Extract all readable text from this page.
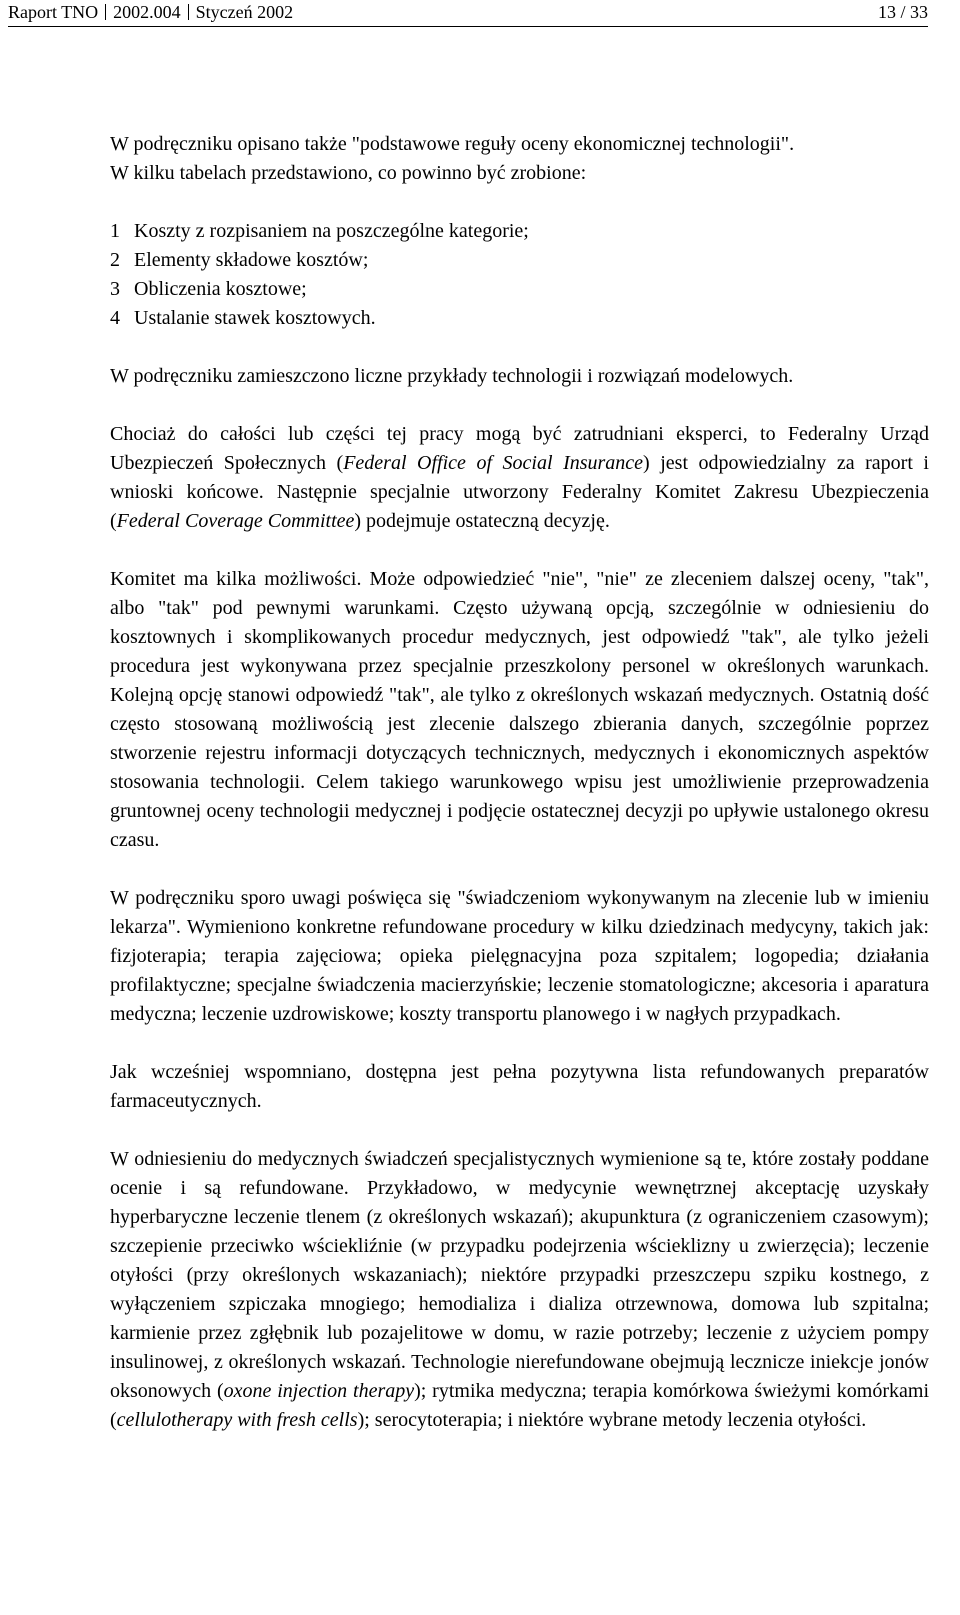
Raport TNO 2002.004 Styczeń 2002	13 / 33

W podręczniku opisano także "podstawowe reguły oceny ekonomicznej technologii".
W kilku tabelach przedstawiono, co powinno być zrobione:

1 Koszty z rozpisaniem na poszczególne kategorie;
2 Elementy składowe kosztów;
3 Obliczenia kosztowe;
4 Ustalanie stawek kosztowych.

W podręczniku zamieszczono liczne przykłady technologii i rozwiązań modelowych.

Chociaż do całości lub części tej pracy mogą być zatrudniani eksperci, to Federalny Urząd Ubezpieczeń Społecznych (Federal Office of Social Insurance) jest odpowiedzialny za raport i wnioski końcowe. Następnie specjalnie utworzony Federalny Komitet Zakresu Ubezpieczenia (Federal Coverage Committee) podejmuje ostateczną decyzję.

Komitet ma kilka możliwości. Może odpowiedzieć "nie", "nie" ze zleceniem dalszej oceny, "tak", albo "tak" pod pewnymi warunkami. Często używaną opcją, szczególnie w odniesieniu do kosztownych i skomplikowanych procedur medycznych, jest odpowiedź "tak", ale tylko jeżeli procedura jest wykonywana przez specjalnie przeszkolony personel w określonych warunkach. Kolejną opcję stanowi odpowiedź "tak", ale tylko z określonych wskazań medycznych. Ostatnią dość często stosowaną możliwością jest zlecenie dalszego zbierania danych, szczególnie poprzez stworzenie rejestru informacji dotyczących technicznych, medycznych i ekonomicznych aspektów stosowania technologii. Celem takiego warunkowego wpisu jest umożliwienie przeprowadzenia gruntownej oceny technologii medycznej i podjęcie ostatecznej decyzji po upływie ustalonego okresu czasu.

W podręczniku sporo uwagi poświęca się "świadczeniom wykonywanym na zlecenie lub w imieniu lekarza". Wymieniono konkretne refundowane procedury w kilku dziedzinach medycyny, takich jak: fizjoterapia; terapia zajęciowa; opieka pielęgnacyjna poza szpitalem; logopedia; działania profilaktyczne; specjalne świadczenia macierzyńskie; leczenie stomatologiczne; akcesoria i aparatura medyczna; leczenie uzdrowiskowe; koszty transportu planowego i w nagłych przypadkach.

Jak wcześniej wspomniano, dostępna jest pełna pozytywna lista refundowanych preparatów farmaceutycznych.

W odniesieniu do medycznych świadczeń specjalistycznych wymienione są te, które zostały poddane ocenie i są refundowane. Przykładowo, w medycynie wewnętrznej akceptację uzyskały hyperbaryczne leczenie tlenem (z określonych wskazań); akupunktura (z ograniczeniem czasowym); szczepienie przeciwko wściekliźnie (w przypadku podejrzenia wścieklizny u zwierzęcia); leczenie otyłości (przy określonych wskazaniach); niektóre przypadki przeszczepu szpiku kostnego, z wyłączeniem szpiczaka mnogiego; hemodializa i dializa otrzewnowa, domowa lub szpitalna; karmienie przez zgłębnik lub pozajelitowe w domu, w razie potrzeby; leczenie z użyciem pompy insulinowej, z określonych wskazań. Technologie nierefundowane obejmują lecznicze iniekcje jonów oksonowych (oxone injection therapy); rytmika medyczna; terapia komórkowa świeżymi komórkami (cellulotherapy with fresh cells); serocytoterapia; i niektóre wybrane metody leczenia otyłości.
